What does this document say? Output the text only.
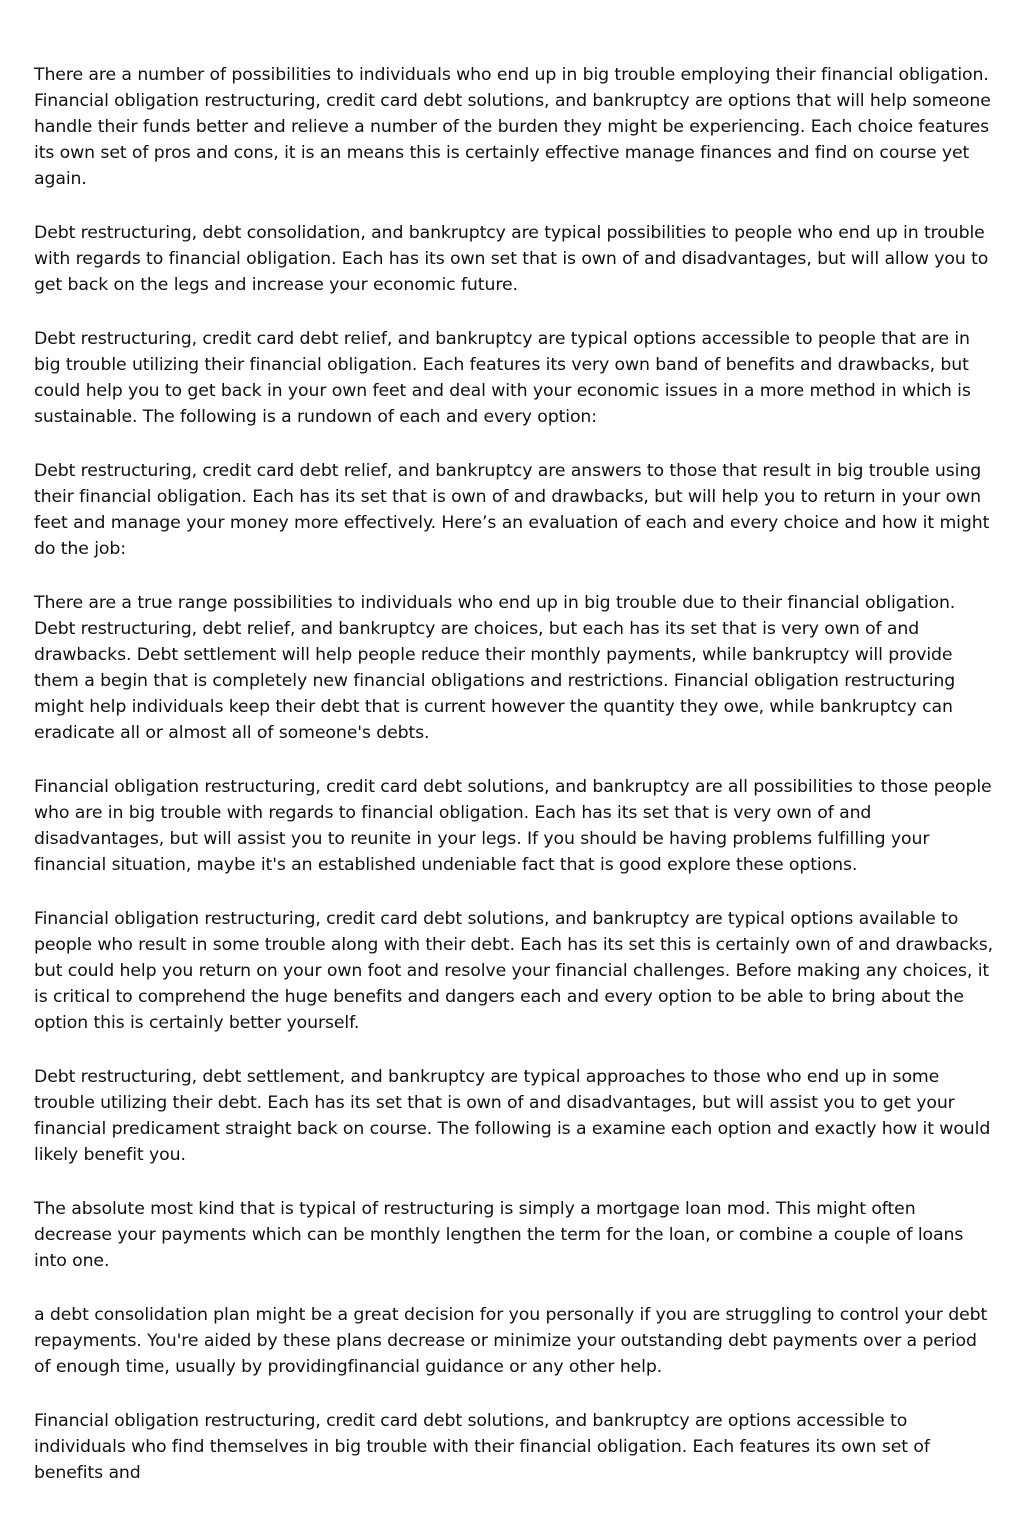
There are a number of possibilities to individuals who end up in big trouble employing their financial obligation. Financial obligation restructuring, credit card debt solutions, and bankruptcy are options that will help someone handle their funds better and relieve a number of the burden they might be experiencing. Each choice features its own set of pros and cons, it is an means this is certainly effective manage finances and find on course yet again.

Debt restructuring, debt consolidation, and bankruptcy are typical possibilities to people who end up in trouble with regards to financial obligation. Each has its own set that is own of and disadvantages, but will allow you to get back on the legs and increase your economic future.

Debt restructuring, credit card debt relief, and bankruptcy are typical options accessible to people that are in big trouble utilizing their financial obligation. Each features its very own band of benefits and drawbacks, but could help you to get back in your own feet and deal with your economic issues in a more method in which is sustainable. The following is a rundown of each and every option:

Debt restructuring, credit card debt relief, and bankruptcy are answers to those that result in big trouble using their financial obligation. Each has its set that is own of and drawbacks, but will help you to return in your own feet and manage your money more effectively. Here’s an evaluation of each and every choice and how it might do the job:

There are a true range possibilities to individuals who end up in big trouble due to their financial obligation. Debt restructuring, debt relief, and bankruptcy are choices, but each has its set that is very own of and drawbacks. Debt settlement will help people reduce their monthly payments, while bankruptcy will provide them a begin that is completely new financial obligations and restrictions. Financial obligation restructuring might help individuals keep their debt that is current however the quantity they owe, while bankruptcy can eradicate all or almost all of someone's debts.

Financial obligation restructuring, credit card debt solutions, and bankruptcy are all possibilities to those people who are in big trouble with regards to financial obligation. Each has its set that is very own of and disadvantages, but will assist you to reunite in your legs. If you should be having problems fulfilling your financial situation, maybe it's an established undeniable fact that is good explore these options.

Financial obligation restructuring, credit card debt solutions, and bankruptcy are typical options available to people who result in some trouble along with their debt. Each has its set this is certainly own of and drawbacks, but could help you return on your own foot and resolve your financial challenges. Before making any choices, it is critical to comprehend the huge benefits and dangers each and every option to be able to bring about the option this is certainly better yourself.

Debt restructuring, debt settlement, and bankruptcy are typical approaches to those who end up in some trouble utilizing their debt. Each has its set that is own of and disadvantages, but will assist you to get your financial predicament straight back on course. The following is a examine each option and exactly how it would likely benefit you.

The absolute most kind that is typical of restructuring is simply a mortgage loan mod. This might often decrease your payments which can be monthly lengthen the term for the loan, or combine a couple of loans into one.

a debt consolidation plan might be a great decision for you personally if you are struggling to control your debt repayments. You're aided by these plans decrease or minimize your outstanding debt payments over a period of enough time, usually by providingfinancial guidance or any other help.

Financial obligation restructuring, credit card debt solutions, and bankruptcy are options accessible to individuals who find themselves in big trouble with their financial obligation. Each features its own set of benefits and
